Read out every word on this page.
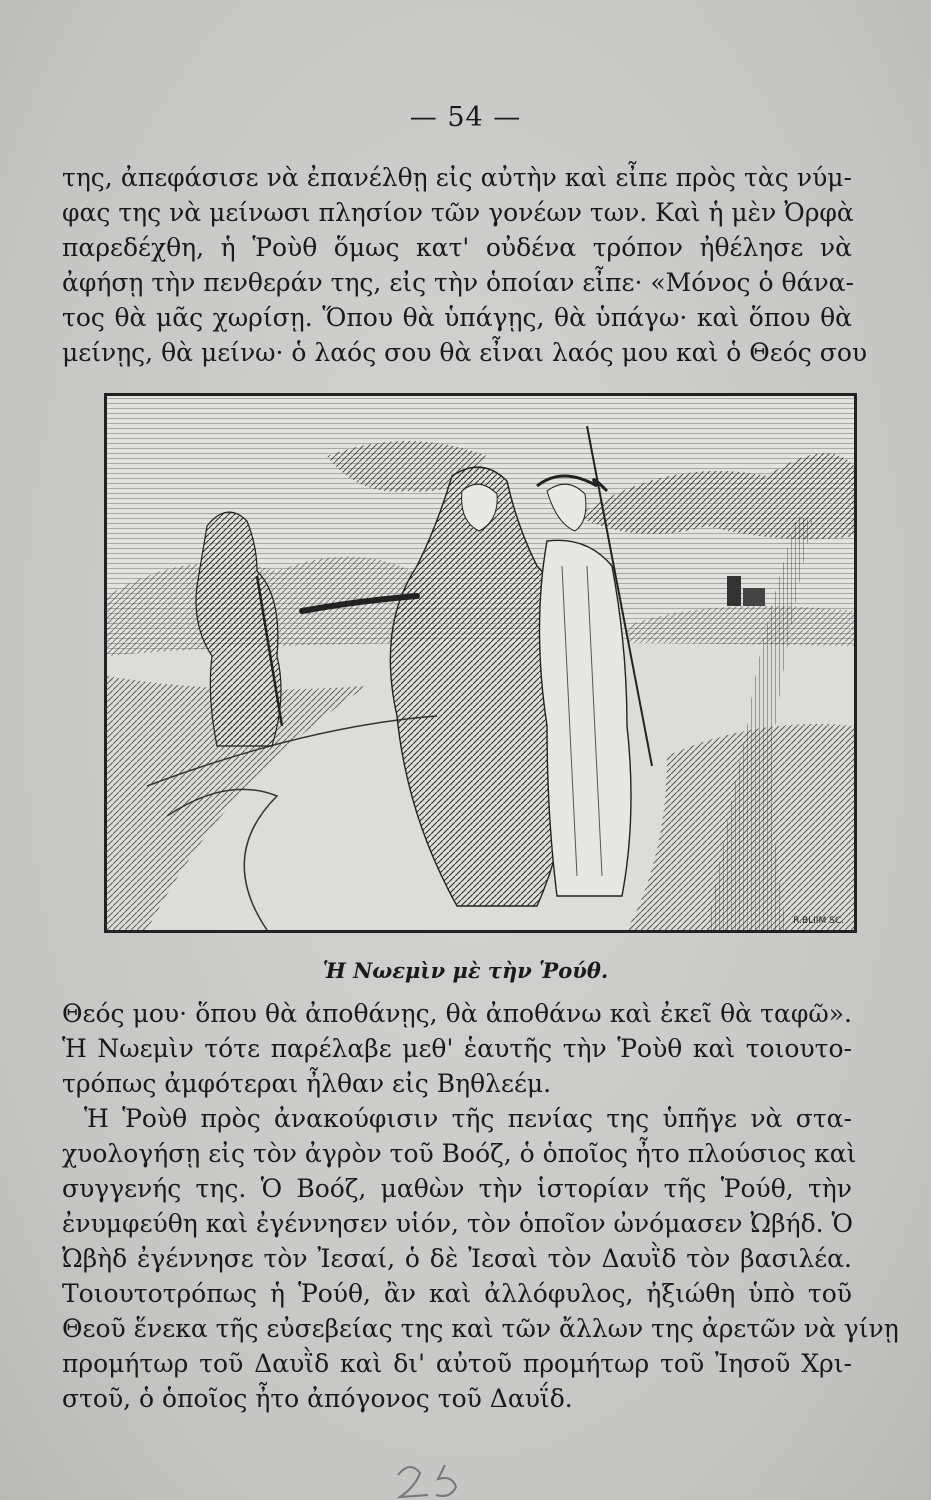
— 54 —
της, ἀπεφάσισε νὰ ἐπανέλθῃ εἰς αὐτὴν καὶ εἶπε πρὸς τὰς νύμ-
φας της νὰ μείνωσι πλησίον τῶν γονέων των. Καὶ ἡ μὲν Ὀρφὰ
παρεδέχθη, ἡ Ῥοὺθ ὅμως κατ' οὐδένα τρόπον ἠθέλησε νὰ
ἀφήσῃ τὴν πενθεράν της, εἰς τὴν ὁποίαν εἶπε· «Μόνος ὁ θάνα-
τος θὰ μᾶς χωρίσῃ. Ὅπου θὰ ὑπάγῃς, θὰ ὑπάγω· καὶ ὅπου θὰ
μείνῃς, θὰ μείνω· ὁ λαός σου θὰ εἶναι λαός μου καὶ ὁ Θεός σου
R.BLIIM SC.
Ἡ Νωεμὶν μὲ τὴν Ῥούθ.
Θεός μου· ὅπου θὰ ἀποθάνῃς, θὰ ἀποθάνω καὶ ἐκεῖ θὰ ταφῶ».
Ἡ Νωεμὶν τότε παρέλαβε μεθ' ἑαυτῆς τὴν Ῥοὺθ καὶ τοιουτο-
τρόπως ἀμφότεραι ἦλθαν εἰς Βηθλεέμ.
Ἡ Ῥοὺθ πρὸς ἀνακούφισιν τῆς πενίας της ὑπῆγε νὰ στα-
χυολογήσῃ εἰς τὸν ἀγρὸν τοῦ Βοόζ, ὁ ὁποῖος ἦτο πλούσιος καὶ
συγγενής της. Ὁ Βοόζ, μαθὼν τὴν ἱστορίαν τῆς Ῥούθ, τὴν
ἐνυμφεύθη καὶ ἐγέννησεν υἱόν, τὸν ὁποῖον ὠνόμασεν Ὠβήδ. Ὁ
Ὠβὴδ ἐγέννησε τὸν Ἰεσαί, ὁ δὲ Ἰεσαὶ τὸν Δαυῒδ τὸν βασιλέα.
Τοιουτοτρόπως ἡ Ῥούθ, ἂν καὶ ἀλλόφυλος, ἠξιώθη ὑπὸ τοῦ
Θεοῦ ἕνεκα τῆς εὐσεβείας της καὶ τῶν ἄλλων της ἀρετῶν νὰ γίνῃ
προμήτωρ τοῦ Δαυῒδ καὶ δι' αὐτοῦ προμήτωρ τοῦ Ἰησοῦ Χρι-
στοῦ, ὁ ὁποῖος ἦτο ἀπόγονος τοῦ Δαυΐδ.
